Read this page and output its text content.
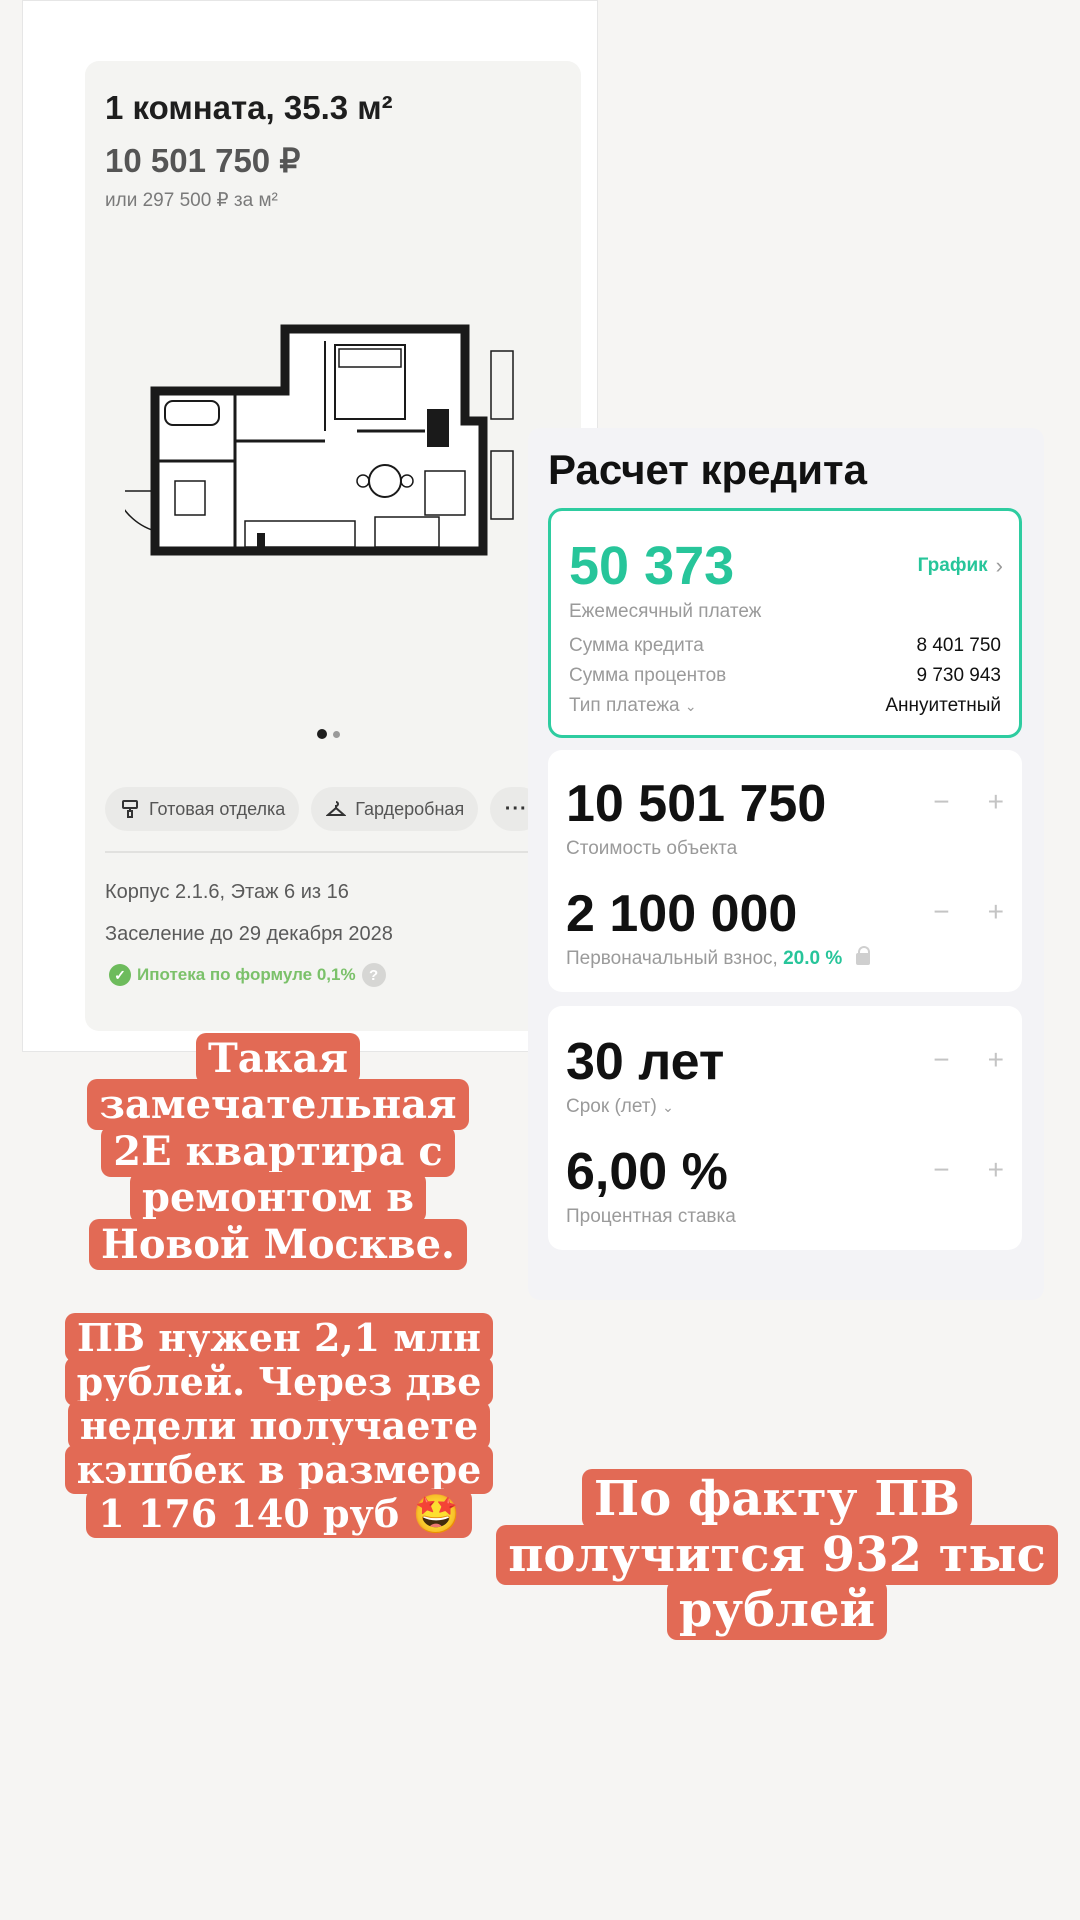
1 комната, 35.3 м²
10 501 750 ₽
или 297 500 ₽ за м²
Готовая отделка	Гардеробная	···
Корпус 2.1.6, Этаж 6 из 16
Заселение до 29 декабря 2028
✓ Ипотека по формуле 0,1% ?
Расчет кредита
50 373
Ежемесячный платеж
График ›
Сумма кредита	8 401 750
Сумма процентов	9 730 943
Тип платежа ⌄	Аннуитетный
10 501 750
Стоимость объекта
− +
2 100 000
Первоначальный взнос, 20.0 %
− +
30 лет
Срок (лет) ⌄
− +
6,00 %
Процентная ставка
− +
Такая замечательная 2Е квартира с ремонтом в Новой Москве.
ПВ нужен 2,1 млн рублей. Через две недели получаете кэшбек в размере 1 176 140 руб 🤩	По факту ПВ получится 932 тыс рублей
